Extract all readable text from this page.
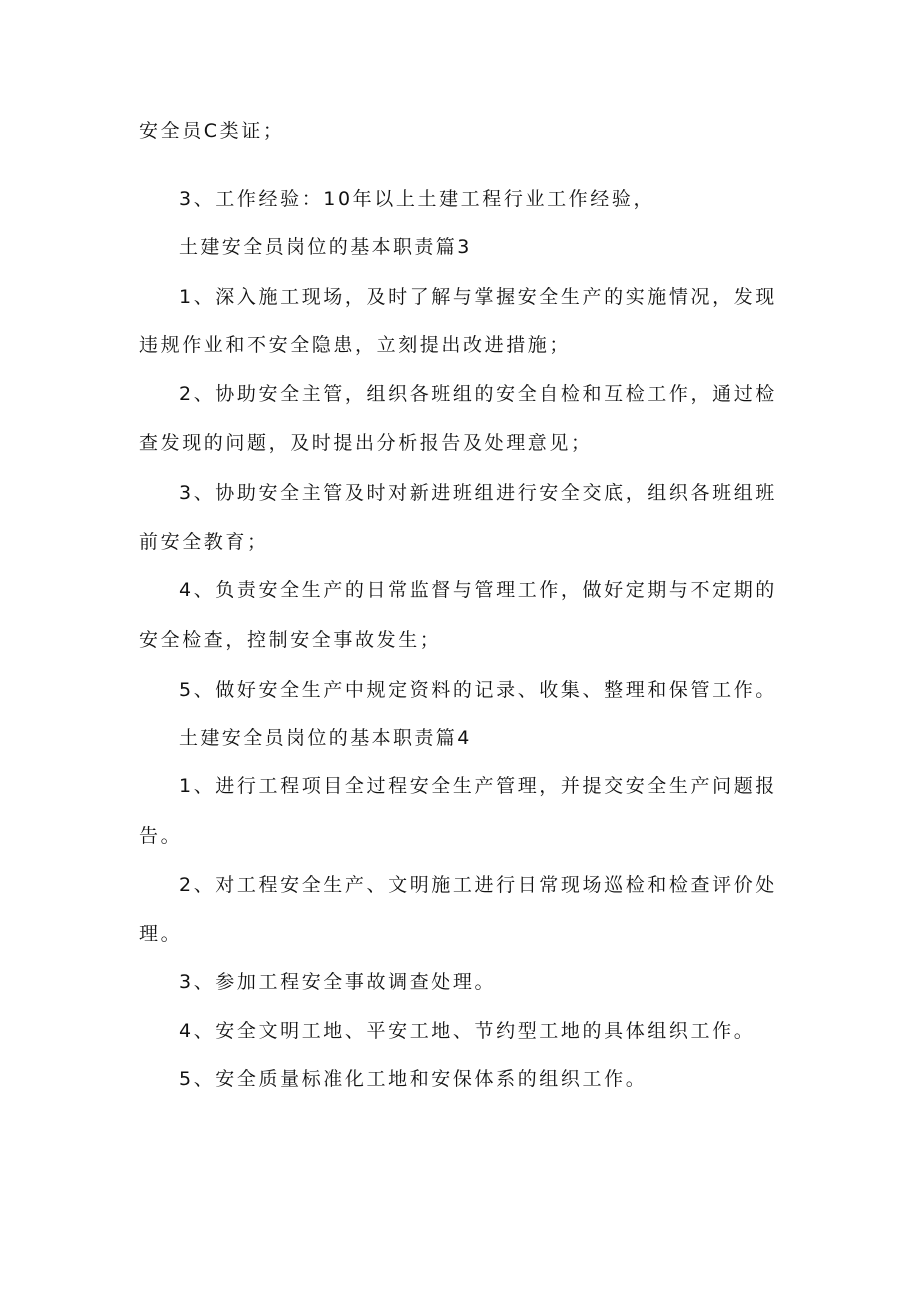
安全员C类证；
3、工作经验：10年以上土建工程行业工作经验，
土建安全员岗位的基本职责篇3
1、深入施工现场，及时了解与掌握安全生产的实施情况，发现
违规作业和不安全隐患，立刻提出改进措施；
2、协助安全主管，组织各班组的安全自检和互检工作，通过检
查发现的问题，及时提出分析报告及处理意见；
3、协助安全主管及时对新进班组进行安全交底，组织各班组班
前安全教育；
4、负责安全生产的日常监督与管理工作，做好定期与不定期的
安全检查，控制安全事故发生；
5、做好安全生产中规定资料的记录、收集、整理和保管工作。
土建安全员岗位的基本职责篇4
1、进行工程项目全过程安全生产管理，并提交安全生产问题报
告。
2、对工程安全生产、文明施工进行日常现场巡检和检查评价处
理。
3、参加工程安全事故调查处理。
4、安全文明工地、平安工地、节约型工地的具体组织工作。
5、安全质量标准化工地和安保体系的组织工作。
